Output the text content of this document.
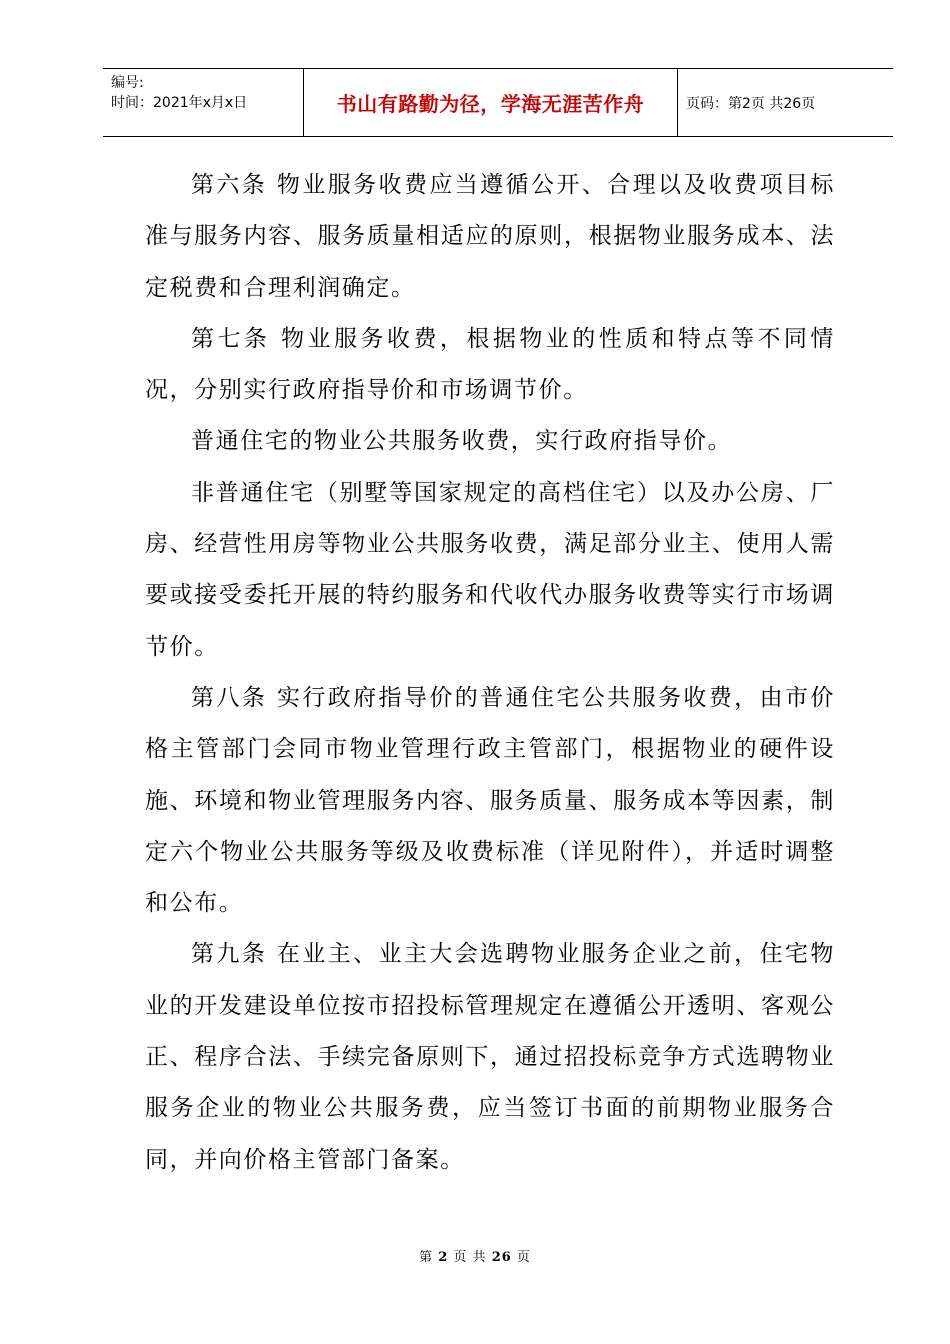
编号:
时间：2021年x月x日	书山有路勤为径，学海无涯苦作舟	页码：第2页 共26页

第六条 物业服务收费应当遵循公开、合理以及收费项目标准与服务内容、服务质量相适应的原则，根据物业服务成本、法定税费和合理利润确定。

第七条 物业服务收费，根据物业的性质和特点等不同情况，分别实行政府指导价和市场调节价。

普通住宅的物业公共服务收费，实行政府指导价。

非普通住宅（别墅等国家规定的高档住宅）以及办公房、厂房、经营性用房等物业公共服务收费，满足部分业主、使用人需要或接受委托开展的特约服务和代收代办服务收费等实行市场调节价。

第八条 实行政府指导价的普通住宅公共服务收费，由市价格主管部门会同市物业管理行政主管部门，根据物业的硬件设施、环境和物业管理服务内容、服务质量、服务成本等因素，制定六个物业公共服务等级及收费标准（详见附件），并适时调整和公布。

第九条 在业主、业主大会选聘物业服务企业之前，住宅物业的开发建设单位按市招投标管理规定在遵循公开透明、客观公正、程序合法、手续完备原则下，通过招投标竞争方式选聘物业服务企业的物业公共服务费，应当签订书面的前期物业服务合同，并向价格主管部门备案。

第 2 页 共 26 页
